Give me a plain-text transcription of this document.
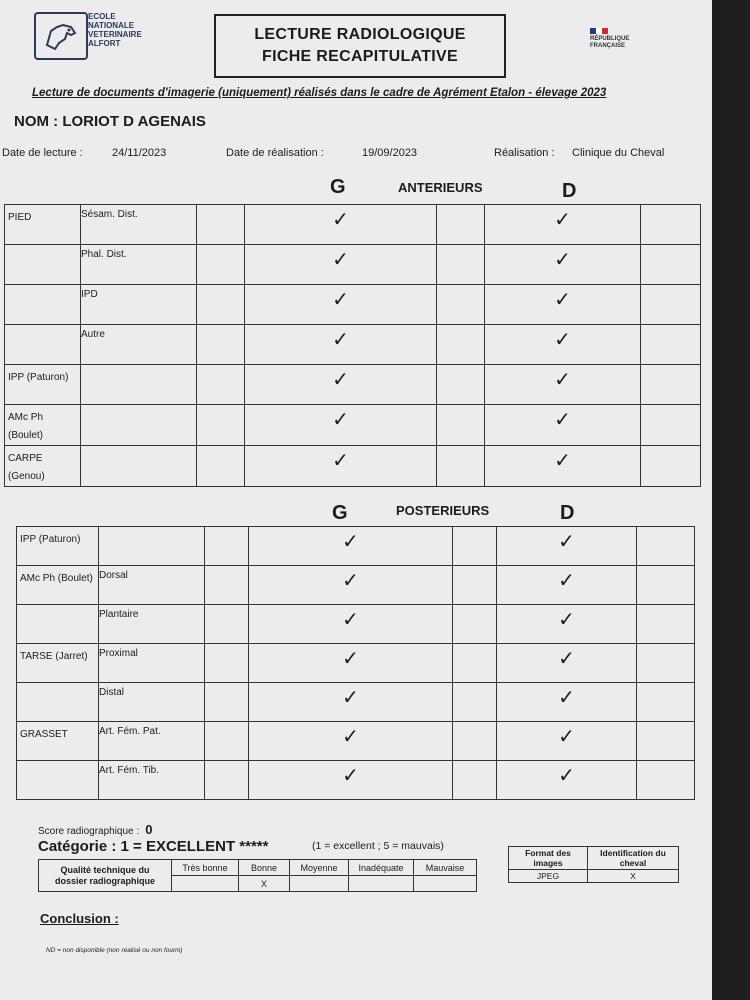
ECOLE
NATIONALE
VETERINAIRE
ALFORT
LECTURE RADIOLOGIQUE
FICHE RECAPITULATIVE
RÉPUBLIQUE
FRANÇAISE
Lecture de documents d'imagerie (uniquement) réalisés dans le cadre de Agrément Etalon - élevage 2023
NOM : LORIOT D AGENAIS
Date de lecture :	24/11/2023	Date de réalisation :	19/09/2023	Réalisation : Clinique du Cheval
G	ANTERIEURS	D
PIED	Sésam. Dist.		✓		✓	

	Phal. Dist.		✓		✓	

	IPD		✓		✓	

	Autre		✓		✓	

IPP (Paturon)			✓		✓	

AMc Ph (Boulet)			✓		✓	

CARPE (Genou)			✓		✓	

G	POSTERIEURS	D
IPP (Paturon)			✓		✓	

AMc Ph (Boulet)	Dorsal		✓		✓	

	Plantaire		✓		✓	

TARSE (Jarret)	Proximal		✓		✓	

	Distal		✓		✓	

GRASSET	Art. Fém. Pat.		✓		✓	

	Art. Fém. Tib.		✓		✓	

Score radiographique : 0
Catégorie : 1 = EXCELLENT *****	(1 = excellent ; 5 = mauvais)
Qualité technique du
dossier radiographique	Très bonne	Bonne	Moyenne	Inadéquate	Mauvaise
		X			
Format des images	Identification du cheval
JPEG	X
Conclusion :
ND = non disponible (non réalisé ou non fourni)
